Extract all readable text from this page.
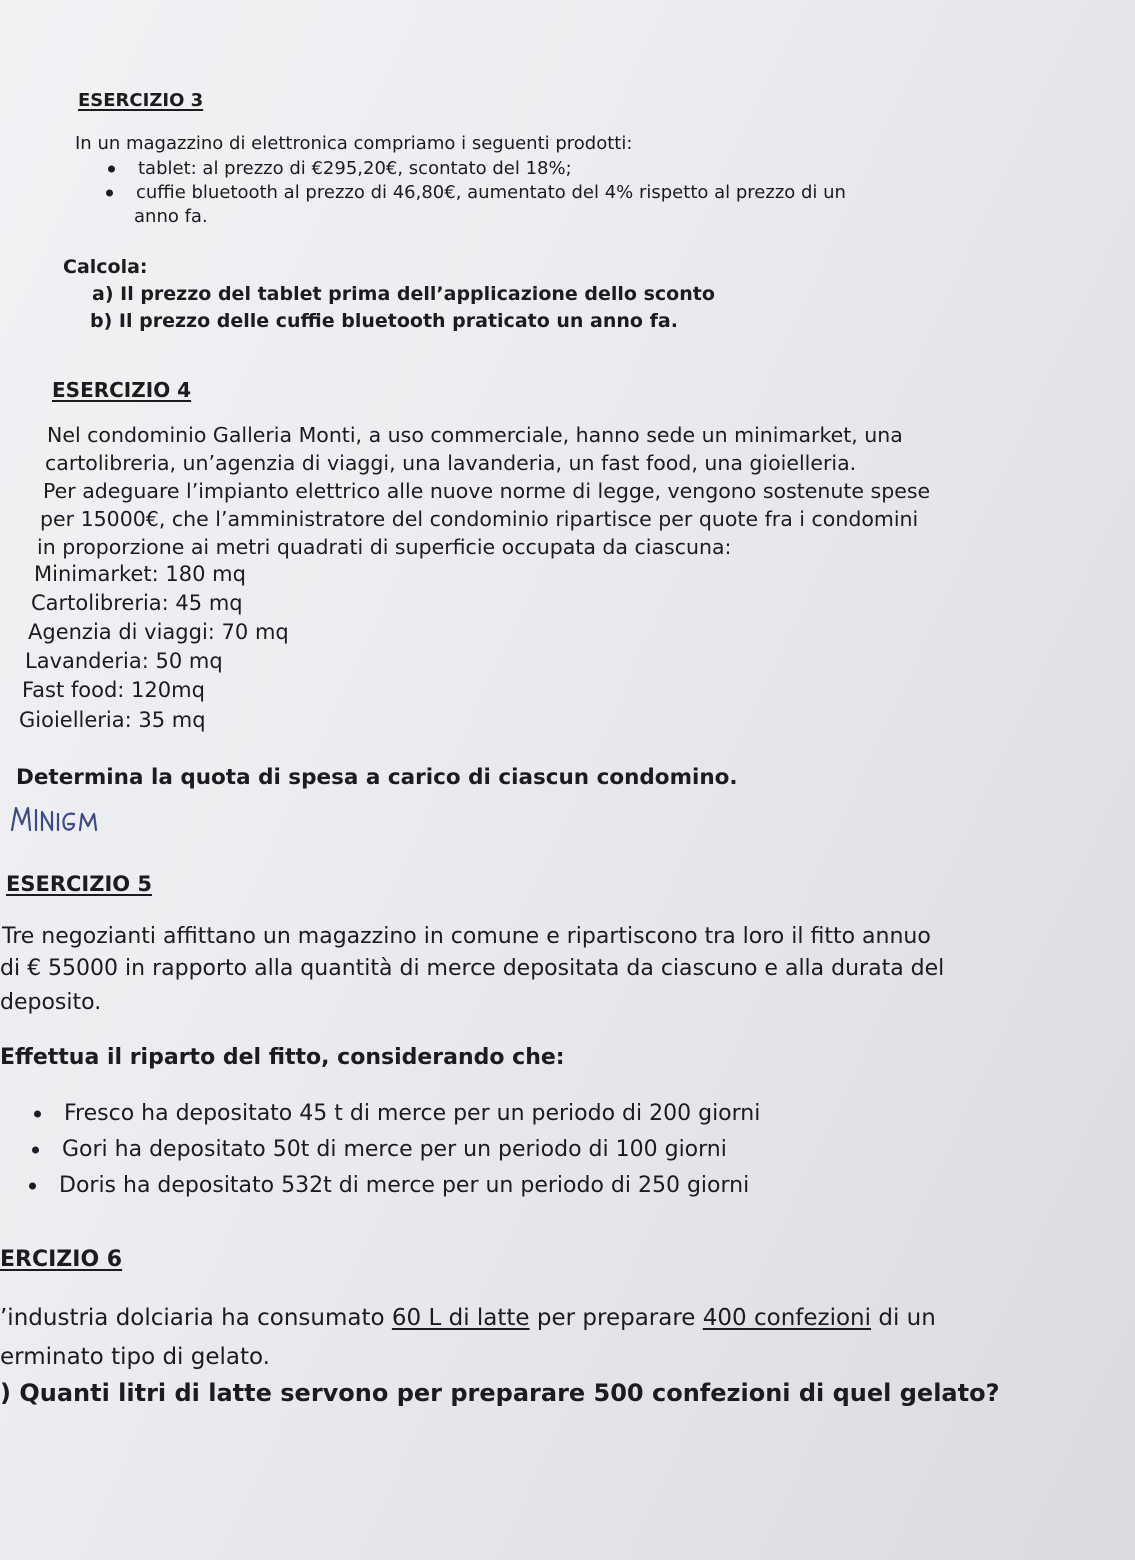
ESERCIZIO 3
In un magazzino di elettronica compriamo i seguenti prodotti:
tablet: al prezzo di €295,20€, scontato del 18%;
cuffie bluetooth al prezzo di 46,80€, aumentato del 4% rispetto al prezzo di un
anno fa.
Calcola:
a) Il prezzo del tablet prima dell’applicazione dello sconto
b) Il prezzo delle cuffie bluetooth praticato un anno fa.
ESERCIZIO 4
Nel condominio Galleria Monti, a uso commerciale, hanno sede un minimarket, una
cartolibreria, un’agenzia di viaggi, una lavanderia, un fast food, una gioielleria.
Per adeguare l’impianto elettrico alle nuove norme di legge, vengono sostenute spese
per 15000€, che l’amministratore del condominio ripartisce per quote fra i condomini
in proporzione ai metri quadrati di superficie occupata da ciascuna:
Minimarket: 180 mq
Cartolibreria: 45 mq
Agenzia di viaggi: 70 mq
Lavanderia: 50 mq
Fast food: 120mq
Gioielleria: 35 mq
Determina la quota di spesa a carico di ciascun condomino.
ESERCIZIO 5
Tre negozianti affittano un magazzino in comune e ripartiscono tra loro il fitto annuo
di € 55000 in rapporto alla quantità di merce depositata da ciascuno e alla durata del
deposito.
Effettua il riparto del fitto, considerando che:
Fresco ha depositato 45 t di merce per un periodo di 200 giorni
Gori ha depositato 50t di merce per un periodo di 100 giorni
Doris ha depositato 532t di merce per un periodo di 250 giorni
ERCIZIO 6
’industria dolciaria ha consumato 60 L di latte per preparare 400 confezioni di un
erminato tipo di gelato.
) Quanti litri di latte servono per preparare 500 confezioni di quel gelato?
